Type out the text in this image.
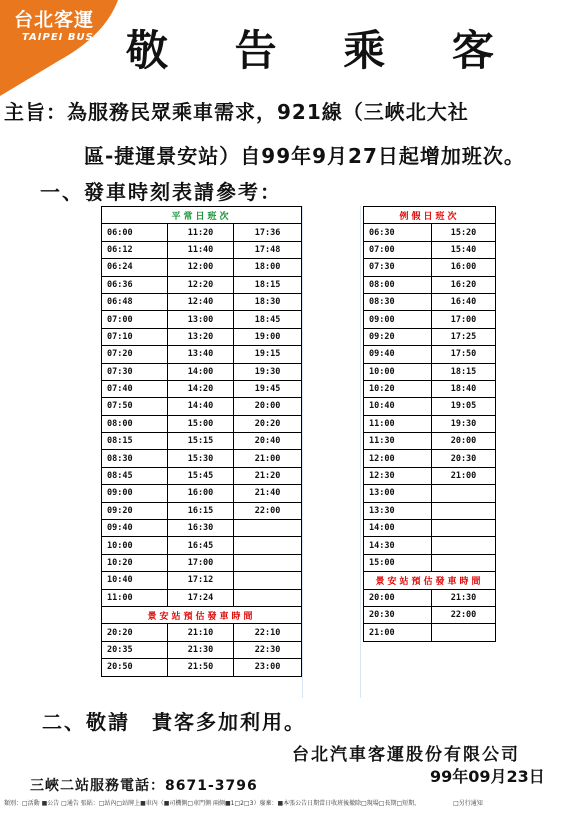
台北客運
TAIPEI BUS 敬 告 乘 客
主旨：為服務民眾乘車需求，921線（三峽北大社
區-捷運景安站）自99年9月27日起增加班次。
一、發車時刻表請參考：
平常日班次		
06:00	11:20	17:36
06:12	11:40	17:48
06:24	12:00	18:00
06:36	12:20	18:15
06:48	12:40	18:30
07:00	13:00	18:45
07:10	13:20	19:00
07:20	13:40	19:15
07:30	14:00	19:30
07:40	14:20	19:45
07:50	14:40	20:00
08:00	15:00	20:20
08:15	15:15	20:40
08:30	15:30	21:00
08:45	15:45	21:20
09:00	16:00	21:40
09:20	16:15	22:00
09:40	16:30	
10:00	16:45	
10:20	17:00	
10:40	17:12	
11:00	17:24	
景安站預估發車時間		
20:20	21:10	22:10
20:35	21:30	22:30
20:50	21:50	23:00
例假日班次	
06:30	15:20
07:00	15:40
07:30	16:00
08:00	16:20
08:30	16:40
09:00	17:00
09:20	17:25
09:40	17:50
10:00	18:15
10:20	18:40
10:40	19:05
11:00	19:30
11:30	20:00
12:00	20:30
12:30	21:00
13:00	
13:30	
14:00	
14:30	
15:00	
景安站預估發車時間	
20:00	21:30
20:30	22:00
21:00	
二、敬請　貴客多加利用。
台北汽車客運股份有限公司
99年09月23日
三峽二站服務電話：8671-3796
類別：□活動 ■公告 □通告 張貼：□站內□站牌上■車內（■司機側□車門側 兩側■1□2□3）廢棄：■本張公告日期當日收班後撤除□現場□長期□短期，　　　　　　□另行通知
